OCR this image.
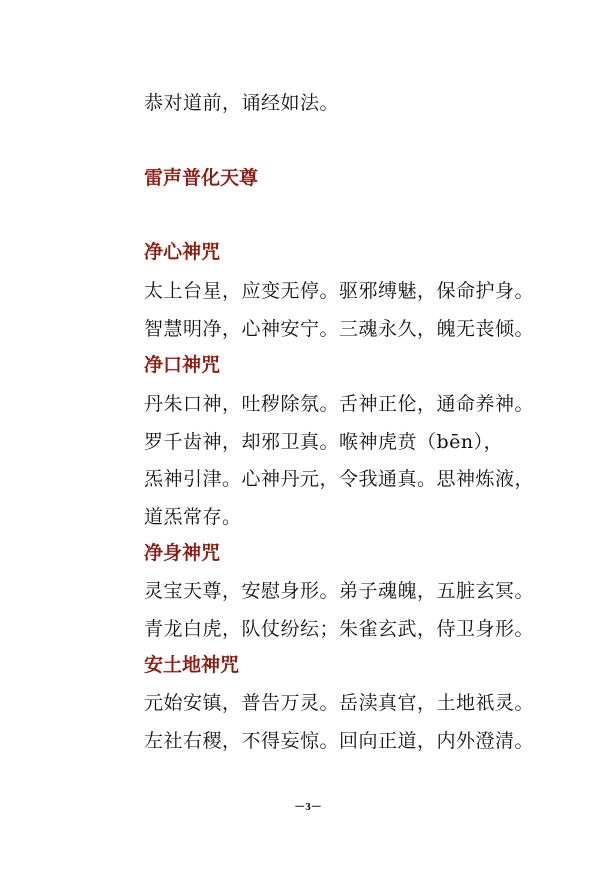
恭对道前，诵经如法。
雷声普化天尊
净心神咒
太上台星，应变无停。驱邪缚魅，保命护身。
智慧明净，心神安宁。三魂永久，魄无丧倾。
净口神咒
丹朱口神，吐秽除氛。舌神正伦，通命养神。
罗千齿神，却邪卫真。喉神虎贲（bēn），
炁神引津。心神丹元，令我通真。思神炼液，
道炁常存。
净身神咒
灵宝天尊，安慰身形。弟子魂魄，五脏玄冥。
青龙白虎，队仗纷纭；朱雀玄武，侍卫身形。
安土地神咒
元始安镇，普告万灵。岳渎真官，土地祇灵。
左社右稷，不得妄惊。回向正道，内外澄清。
－3－
